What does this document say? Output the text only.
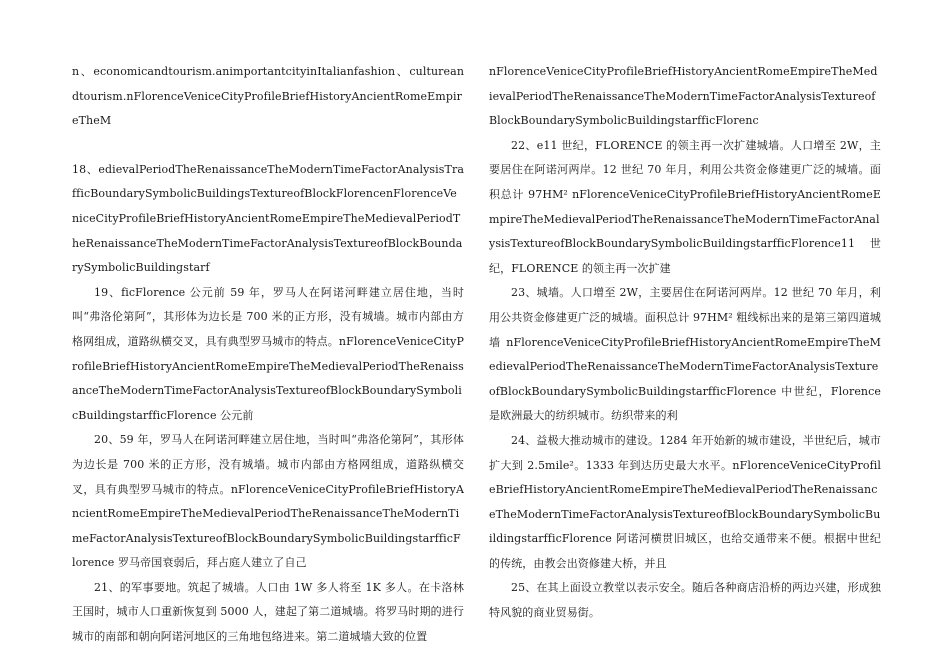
n、economicandtourism.animportantcityinItalianfashion、cultureandtourism.nFlorenceVeniceCityProfileBriefHistoryAncientRomeEmpireTheM

18、edievalPeriodTheRenaissanceTheModernTimeFactorAnalysisTrafficBoundarySymbolicBuildingsTextureofBlockFlorencenFlorenceVeniceCityProfileBriefHistoryAncientRomeEmpireTheMedievalPeriodTheRenaissanceTheModernTimeFactorAnalysisTextureofBlockBoundarySymbolicBuildingstarf

19、ficFlorence 公元前 59 年，罗马人在阿诺河畔建立居住地，当时叫“弗洛伦第阿”，其形体为边长是 700 米的正方形，没有城墙。城市内部由方格网组成，道路纵横交叉，具有典型罗马城市的特点。nFlorenceVeniceCityProfileBriefHistoryAncientRomeEmpireTheMedievalPeriodTheRenaissanceTheModernTimeFactorAnalysisTextureofBlockBoundarySymbolicBuildingstarfficFlorence 公元前

20、59 年，罗马人在阿诺河畔建立居住地，当时叫“弗洛伦第阿”，其形体为边长是 700 米的正方形，没有城墙。城市内部由方格网组成，道路纵横交叉，具有典型罗马城市的特点。nFlorenceVeniceCityProfileBriefHistoryAncientRomeEmpireTheMedievalPeriodTheRenaissanceTheModernTimeFactorAnalysisTextureofBlockBoundarySymbolicBuildingstarfficFlorence 罗马帝国衰弱后，拜占庭人建立了自己

21、的军事要地。筑起了城墙。人口由 1W 多人将至 1K 多人。在卡洛林王国时，城市人口重新恢复到 5000 人，建起了第二道城墙。将罗马时期的进行城市的南部和朝向阿诺河地区的三角地包络进来。第二道城墙大致的位置

nFlorenceVeniceCityProfileBriefHistoryAncientRomeEmpireTheMedievalPeriodTheRenaissanceTheModernTimeFactorAnalysisTextureofBlockBoundarySymbolicBuildingstarfficFlorenc

22、e11 世纪，FLORENCE 的领主再一次扩建城墙。人口增至 2W，主要居住在阿诺河两岸。12 世纪 70 年月，利用公共资金修建更广泛的城墙。面积总计 97HM² nFlorenceVeniceCityProfileBriefHistoryAncientRomeEmpireTheMedievalPeriodTheRenaissanceTheModernTimeFactorAnalysisTextureofBlockBoundarySymbolicBuildingstarfficFlorence11 世纪，FLORENCE 的领主再一次扩建

23、城墙。人口增至 2W，主要居住在阿诺河两岸。12 世纪 70 年月，利用公共资金修建更广泛的城墙。面积总计 97HM² 粗线标出来的是第三第四道城墙nFlorenceVeniceCityProfileBriefHistoryAncientRomeEmpireTheMedievalPeriodTheRenaissanceTheModernTimeFactorAnalysisTextureofBlockBoundarySymbolicBuildingstarfficFlorence 中世纪，Florence 是欧洲最大的纺织城市。纺织带来的利

24、益极大推动城市的建设。1284 年开始新的城市建设，半世纪后，城市扩大到 2.5mile²。1333 年到达历史最大水平。nFlorenceVeniceCityProfileBriefHistoryAncientRomeEmpireTheMedievalPeriodTheRenaissanceTheModernTimeFactorAnalysisTextureofBlockBoundarySymbolicBuildingstarfficFlorence 阿诺河横贯旧城区，也给交通带来不便。根据中世纪的传统，由教会出资修建大桥，并且

25、在其上面设立教堂以表示安全。随后各种商店沿桥的两边兴建，形成独特风貌的商业贸易街。
